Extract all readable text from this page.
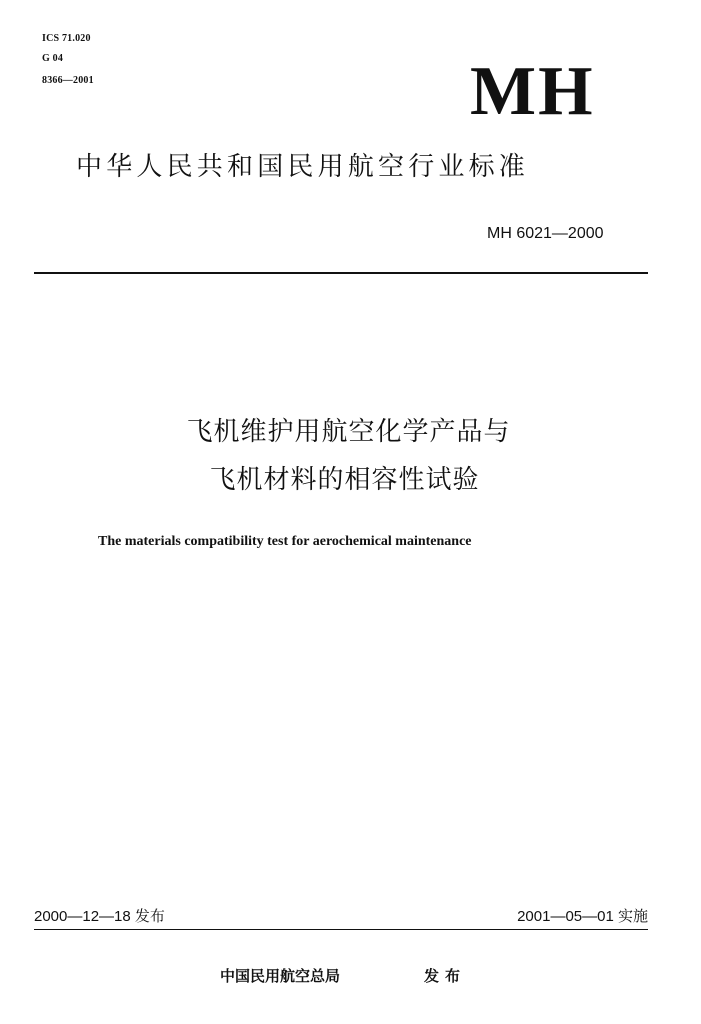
ICS 71.020
G 04
8366—2001	MH
中华人民共和国民用航空行业标准
MH 6021—2000
飞机维护用航空化学产品与
飞机材料的相容性试验
The materials compatibility test for aerochemical maintenance
2000—12—18 发布	2001—05—01 实施
中国民用航空总局	发布
